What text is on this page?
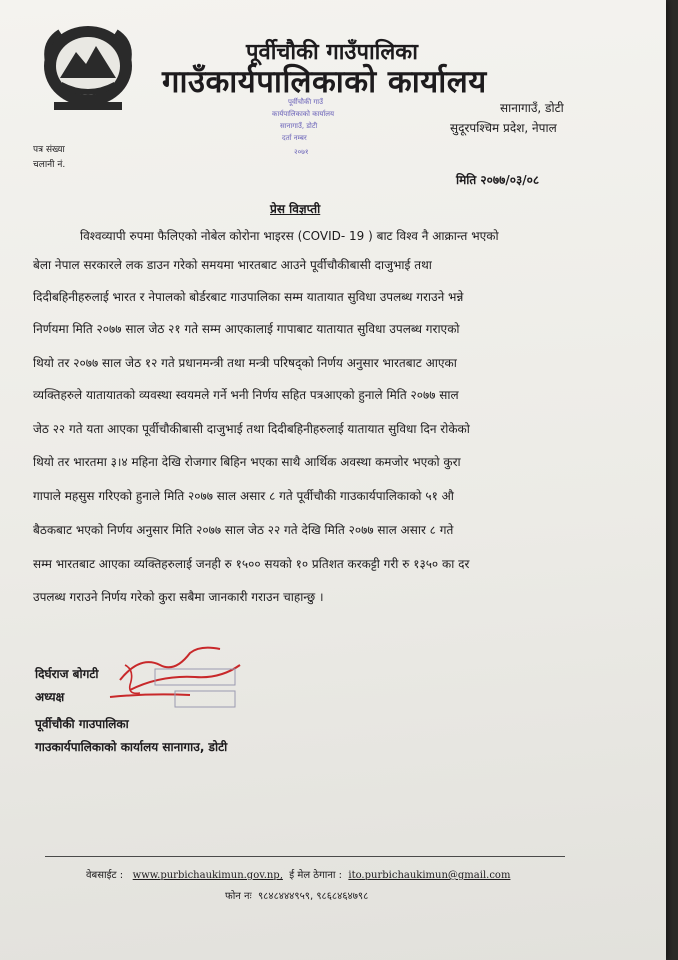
पूर्वीचौकी गाउँपालिका
गाउँकार्यपालिकाको कार्यालय
पूर्वीचौकी गाउँ
कार्यपालिकाको कार्यालय
सानागाउँ, डोटी
दर्ता नम्बर
२०७१
सानागाउँ, डोटी
सुदूरपश्चिम प्रदेश, नेपाल
पत्र संख्या
चलानी नं.
मिति २०७७/०३/०८
प्रेस विज्ञप्ती
विश्वव्यापी रुपमा फैलिएको नोबेल कोरोना भाइरस (COVID- 19 ) बाट विश्व नै आक्रान्त भएको
बेला नेपाल सरकारले लक डाउन गरेको समयमा भारतबाट आउने पूर्वीचौकीबासी दाजुभाई तथा
दिदीबहिनीहरुलाई भारत र नेपालको बोर्डरबाट गाउपालिका सम्म यातायात सुविधा उपलब्ध गराउने भन्ने
निर्णयमा मिति २०७७ साल जेठ २१ गते सम्म आएकालाई गापाबाट यातायात सुविधा उपलब्ध गराएको
थियो तर २०७७ साल जेठ १२ गते प्रधानमन्त्री तथा मन्त्री परिषद्को निर्णय अनुसार भारतबाट आएका
व्यक्तिहरुले यातायातको व्यवस्था स्वयमले गर्ने भनी निर्णय सहित पत्रआएको हुनाले मिति २०७७ साल
जेठ २२ गते यता आएका पूर्वीचौकीबासी दाजुभाई तथा दिदीबहिनीहरुलाई यातायात सुविधा दिन रोकेको
थियो तर भारतमा ३।४ महिना देखि रोजगार बिहिन भएका साथै आर्थिक अवस्था कमजोर भएको कुरा
गापाले महसुस गरिएको हुनाले मिति २०७७ साल असार ८ गते पूर्वीचौकी गाउकार्यपालिकाको ५१ औ
बैठकबाट भएको निर्णय अनुसार मिति २०७७ साल जेठ २२ गते देखि मिति २०७७ साल असार ८ गते
सम्म भारतबाट आएका व्यक्तिहरुलाई जनही रु १५०० सयको १० प्रतिशत करकट्टी गरी रु १३५० का दर
उपलब्ध गराउने निर्णय गरेको कुरा सबैमा जानकारी गराउन चाहान्छु ।
दिर्घराज बोगटी
अध्यक्ष
पूर्वीचौकी गाउपालिका
गाउकार्यपालिकाको कार्यालय सानागाउ, डोटी
वेबसाईट : www.purbichaukimun.gov.np, ई मेल ठेगाना : ito.purbichaukimun@gmail.com
फोन नः ९८४८४४४९५९, ९८६८४६४७९८
